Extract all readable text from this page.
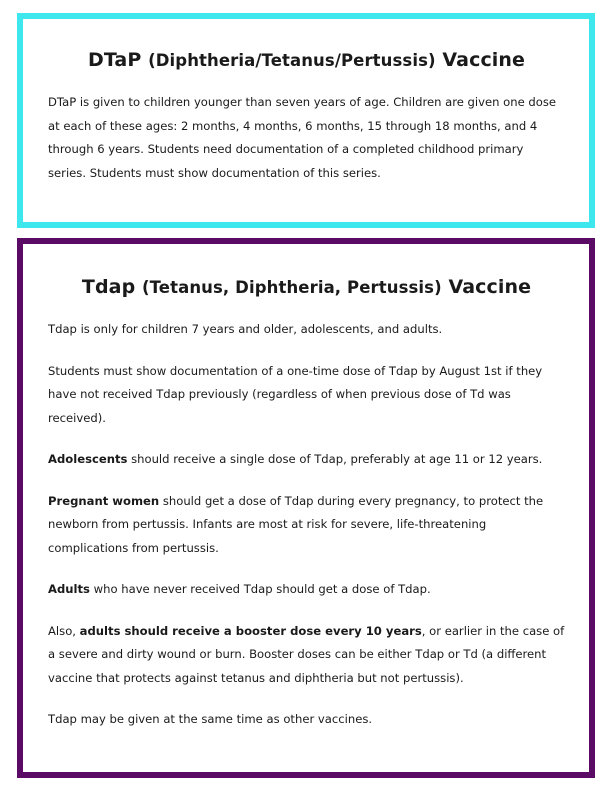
DTaP (Diphtheria/Tetanus/Pertussis) Vaccine

DTaP is given to children younger than seven years of age. Children are given one dose at each of these ages: 2 months, 4 months, 6 months, 15 through 18 months, and 4 through 6 years. Students need documentation of a completed childhood primary series. Students must show documentation of this series.

Tdap (Tetanus, Diphtheria, Pertussis) Vaccine

Tdap is only for children 7 years and older, adolescents, and adults.

Students must show documentation of a one-time dose of Tdap by August 1st if they have not received Tdap previously (regardless of when previous dose of Td was received).

Adolescents should receive a single dose of Tdap, preferably at age 11 or 12 years.

Pregnant women should get a dose of Tdap during every pregnancy, to protect the newborn from pertussis. Infants are most at risk for severe, life-threatening complications from pertussis.

Adults who have never received Tdap should get a dose of Tdap.

Also, adults should receive a booster dose every 10 years, or earlier in the case of a severe and dirty wound or burn. Booster doses can be either Tdap or Td (a different vaccine that protects against tetanus and diphtheria but not pertussis).

Tdap may be given at the same time as other vaccines.
